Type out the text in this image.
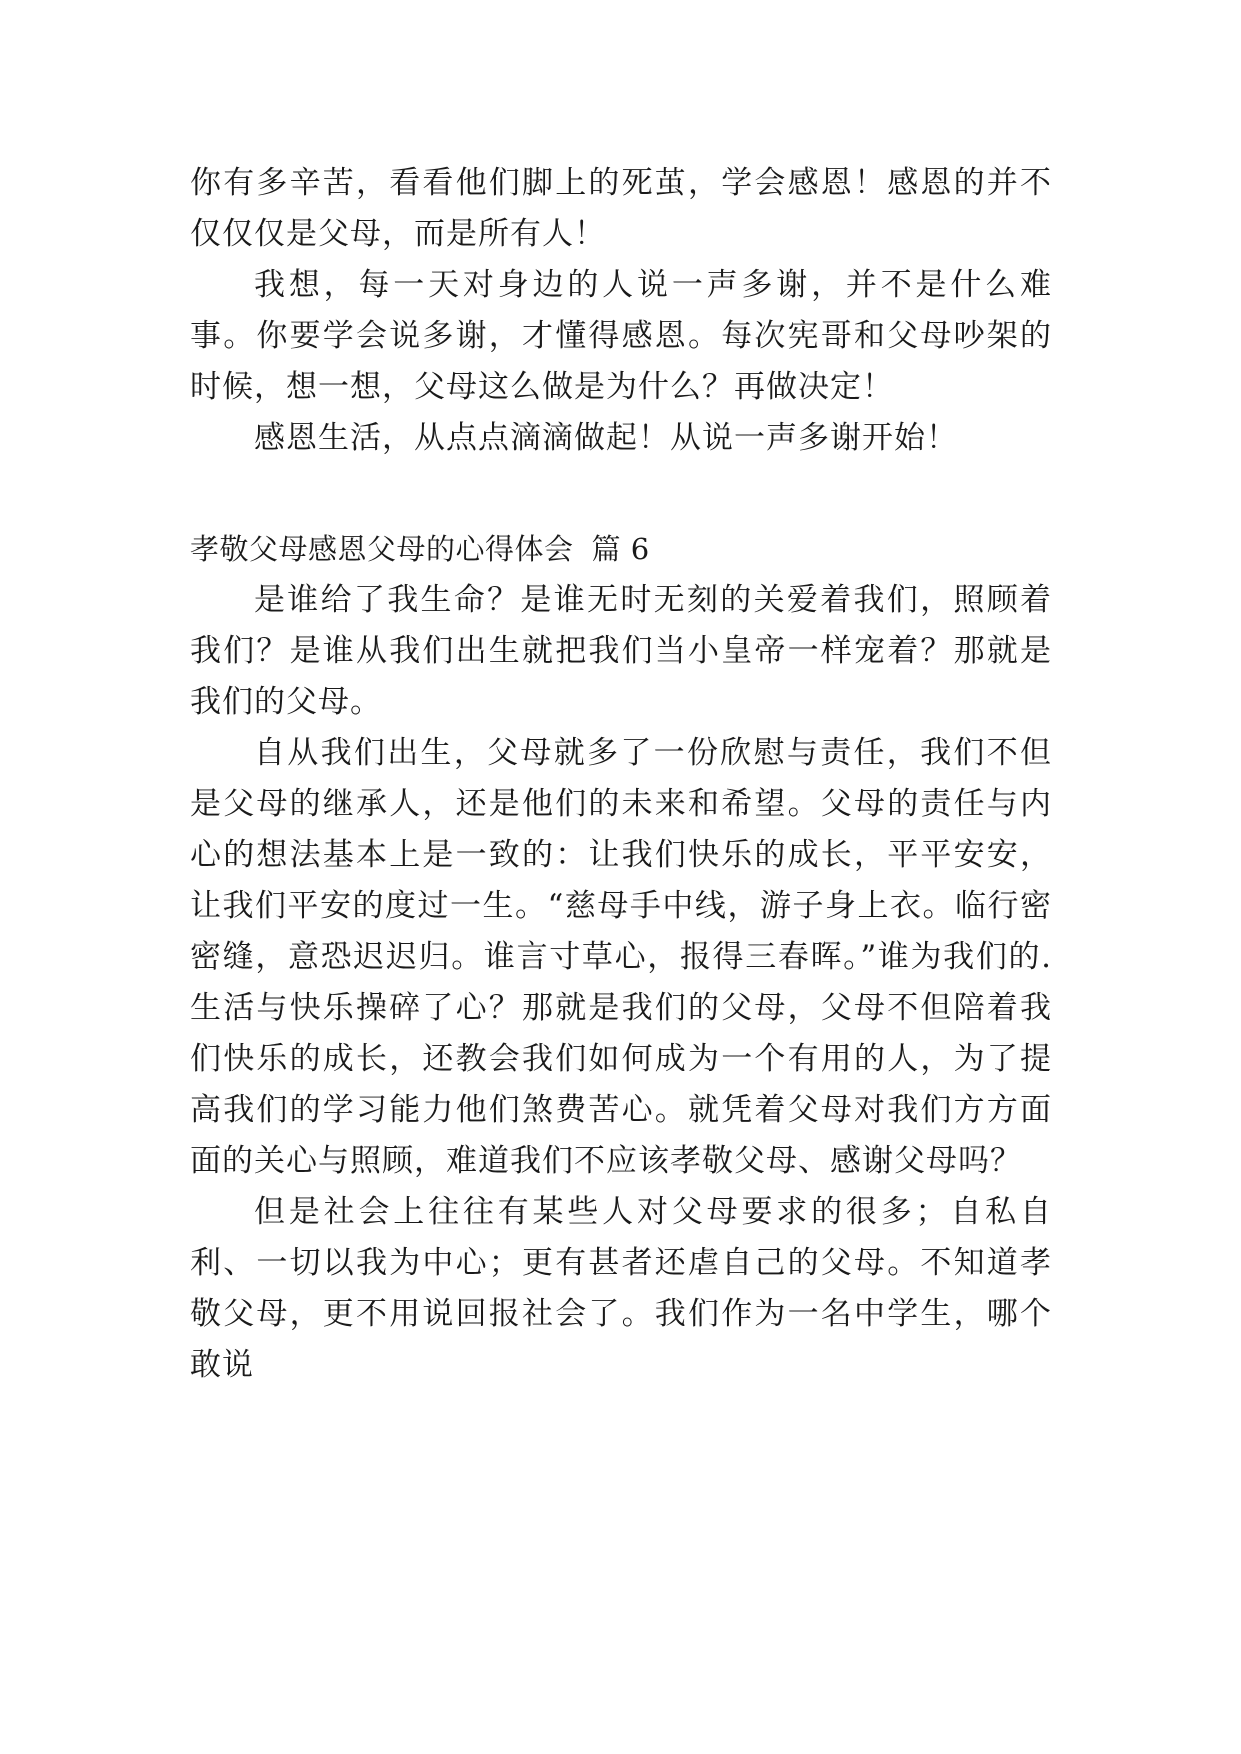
你有多辛苦，看看他们脚上的死茧，学会感恩！感恩的并不仅仅仅是父母，而是所有人！

我想，每一天对身边的人说一声多谢，并不是什么难事。你要学会说多谢，才懂得感恩。每次宪哥和父母吵架的时候，想一想，父母这么做是为什么？再做决定！

感恩生活，从点点滴滴做起！从说一声多谢开始！

孝敬父母感恩父母的心得体会 篇 6

是谁给了我生命？是谁无时无刻的关爱着我们，照顾着我们？是谁从我们出生就把我们当小皇帝一样宠着？那就是我们的父母。

自从我们出生，父母就多了一份欣慰与责任，我们不但是父母的继承人，还是他们的未来和希望。父母的责任与内心的想法基本上是一致的：让我们快乐的成长，平平安安，让我们平安的度过一生。“慈母手中线，游子身上衣。临行密密缝，意恐迟迟归。谁言寸草心，报得三春晖。”谁为我们的. 生活与快乐操碎了心？那就是我们的父母，父母不但陪着我们快乐的成长，还教会我们如何成为一个有用的人，为了提高我们的学习能力他们煞费苦心。就凭着父母对我们方方面面的关心与照顾，难道我们不应该孝敬父母、感谢父母吗？

但是社会上往往有某些人对父母要求的很多；自私自利、一切以我为中心；更有甚者还虐自己的父母。不知道孝敬父母，更不用说回报社会了。我们作为一名中学生，哪个敢说
